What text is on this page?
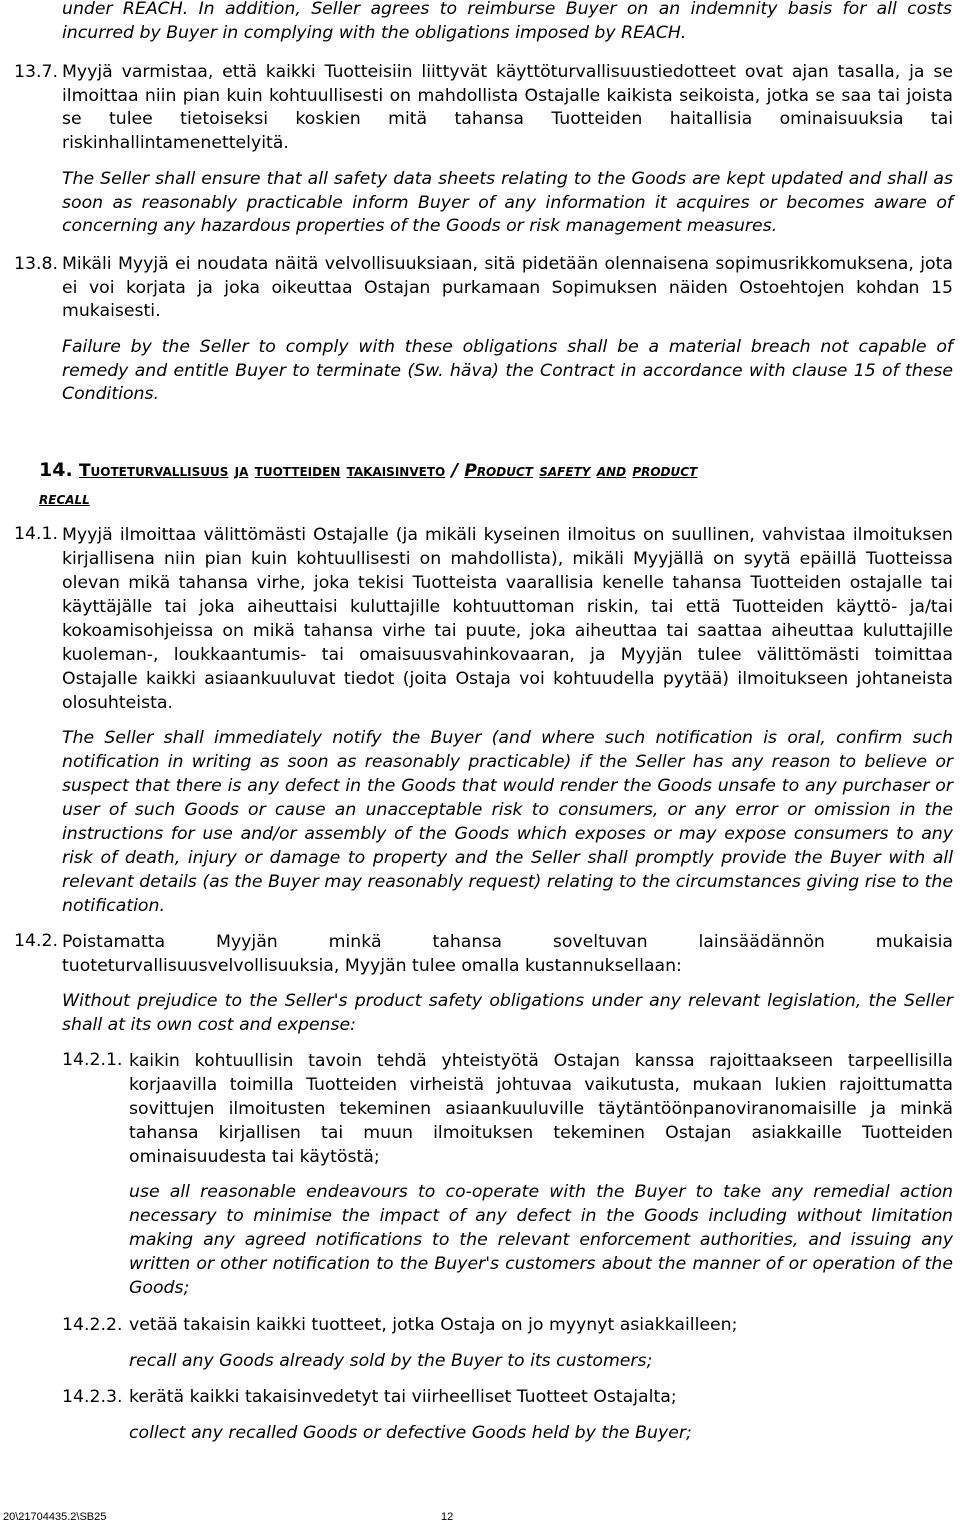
under REACH. In addition, Seller agrees to reimburse Buyer on an indemnity basis for all costs incurred by Buyer in complying with the obligations imposed by REACH.
13.7. Myyjä varmistaa, että kaikki Tuotteisiin liittyvät käyttöturvallisuustiedotteet ovat ajan tasalla, ja se ilmoittaa niin pian kuin kohtuullisesti on mahdollista Ostajalle kaikista seikoista, jotka se saa tai joista se tulee tietoiseksi koskien mitä tahansa Tuotteiden haitallisia ominaisuuksia tai riskinhallintamenettelyitä.
The Seller shall ensure that all safety data sheets relating to the Goods are kept updated and shall as soon as reasonably practicable inform Buyer of any information it acquires or becomes aware of concerning any hazardous properties of the Goods or risk management measures.
13.8. Mikäli Myyjä ei noudata näitä velvollisuuksiaan, sitä pidetään olennaisena sopimusrikkomuksena, jota ei voi korjata ja joka oikeuttaa Ostajan purkamaan Sopimuksen näiden Ostoehtojen kohdan 15 mukaisesti.
Failure by the Seller to comply with these obligations shall be a material breach not capable of remedy and entitle Buyer to terminate (Sw. häva) the Contract in accordance with clause 15 of these Conditions.
14. Tuoteturvallisuus ja tuotteiden takaisinveto / Product safety and product
recall
14.1. Myyjä ilmoittaa välittömästi Ostajalle (ja mikäli kyseinen ilmoitus on suullinen, vahvistaa ilmoituksen kirjallisena niin pian kuin kohtuullisesti on mahdollista), mikäli Myyjällä on syytä epäillä Tuotteissa olevan mikä tahansa virhe, joka tekisi Tuotteista vaarallisia kenelle tahansa Tuotteiden ostajalle tai käyttäjälle tai joka aiheuttaisi kuluttajille kohtuuttoman riskin, tai että Tuotteiden käyttö- ja/tai kokoamisohjeissa on mikä tahansa virhe tai puute, joka aiheuttaa tai saattaa aiheuttaa kuluttajille kuoleman-, loukkaantumis- tai omaisuusvahinkovaaran, ja Myyjän tulee välittömästi toimittaa Ostajalle kaikki asiaankuuluvat tiedot (joita Ostaja voi kohtuudella pyytää) ilmoitukseen johtaneista olosuhteista.
The Seller shall immediately notify the Buyer (and where such notification is oral, confirm such notification in writing as soon as reasonably practicable) if the Seller has any reason to believe or suspect that there is any defect in the Goods that would render the Goods unsafe to any purchaser or user of such Goods or cause an unacceptable risk to consumers, or any error or omission in the instructions for use and/or assembly of the Goods which exposes or may expose consumers to any risk of death, injury or damage to property and the Seller shall promptly provide the Buyer with all relevant details (as the Buyer may reasonably request) relating to the circumstances giving rise to the notification.
14.2. Poistamatta Myyjän minkä tahansa soveltuvan lainsäädännön mukaisia tuoteturvallisuusvelvollisuuksia, Myyjän tulee omalla kustannuksellaan:
Without prejudice to the Seller's product safety obligations under any relevant legislation, the Seller shall at its own cost and expense:
14.2.1. kaikin kohtuullisin tavoin tehdä yhteistyötä Ostajan kanssa rajoittaakseen tarpeellisilla korjaavilla toimilla Tuotteiden virheistä johtuvaa vaikutusta, mukaan lukien rajoittumatta sovittujen ilmoitusten tekeminen asiaankuuluville täytäntöönpanoviranomaisille ja minkä tahansa kirjallisen tai muun ilmoituksen tekeminen Ostajan asiakkaille Tuotteiden ominaisuudesta tai käytöstä;
use all reasonable endeavours to co-operate with the Buyer to take any remedial action necessary to minimise the impact of any defect in the Goods including without limitation making any agreed notifications to the relevant enforcement authorities, and issuing any written or other notification to the Buyer's customers about the manner of or operation of the Goods;
14.2.2. vetää takaisin kaikki tuotteet, jotka Ostaja on jo myynyt asiakkailleen;
recall any Goods already sold by the Buyer to its customers;
14.2.3. kerätä kaikki takaisinvedetyt tai viirheelliset Tuotteet Ostajalta;
collect any recalled Goods or defective Goods held by the Buyer;
20\21704435.2\SB25	12
